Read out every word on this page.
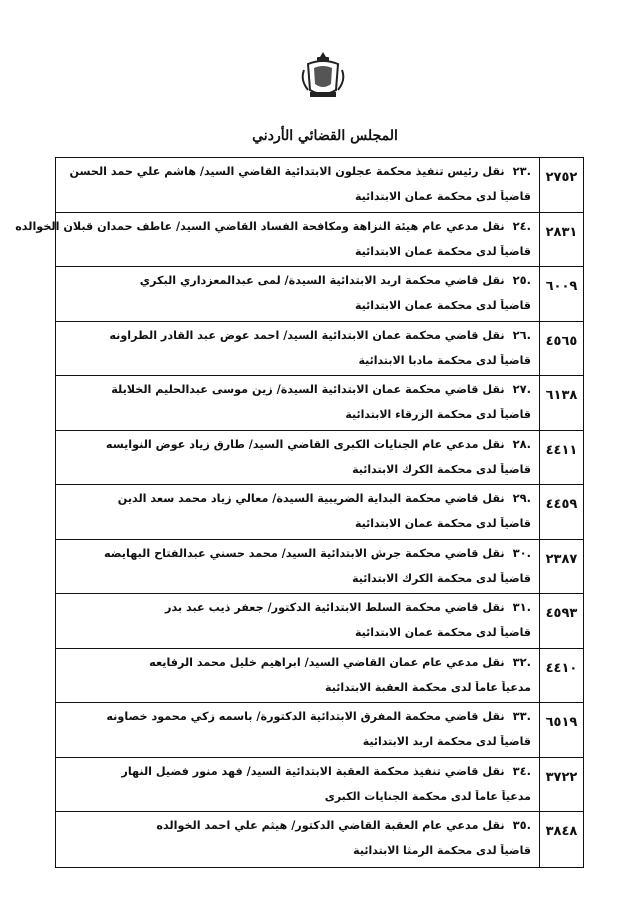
المجلس القضائي الأردني
٢٧٥٢
.٢٣
نقل رئيس تنفيذ محكمة عجلون الابتدائية القاضي السيد/ هاشم علي حمد الحسن
قاضياً لدى محكمة عمان الابتدائية
٢٨٣١
.٢٤
نقل مدعي عام هيئة النزاهة ومكافحة الفساد القاضي السيد/ عاطف حمدان قبلان الخوالده
قاضياً لدى محكمة عمان الابتدائية
٦٠٠٩
.٢٥
نقل قاضي محكمة اربد الابتدائية السيدة/ لمى عبدالمعزداري البكري
قاضياً لدى محكمة عمان الابتدائية
٤٥٦٥
.٢٦
نقل قاضي محكمة عمان الابتدائية السيد/ احمد عوض عبد القادر الطراونه
قاضياً لدى محكمة مادبا الابتدائية
٦١٣٨
.٢٧
نقل قاضي محكمة عمان الابتدائية السيدة/ زين موسى عبدالحليم الخلايلة
قاضياً لدى محكمة الزرقاء الابتدائية
٤٤١١
.٢٨
نقل مدعي عام الجنايات الكبرى القاضي السيد/ طارق زياد عوض النوايسه
قاضياً لدى محكمة الكرك الابتدائية
٤٤٥٩
.٢٩
نقل قاضي محكمة البداية الضريبية السيدة/ معالي زياد محمد سعد الدين
قاضياً لدى محكمة عمان الابتدائية
٢٣٨٧
.٣٠
نقل قاضي محكمة جرش الابتدائية السيد/ محمد حسني عبدالفتاح البهايضه
قاضياً لدى محكمة الكرك الابتدائية
٤٥٩٣
.٣١
نقل قاضي محكمة السلط الابتدائية الدكتور/ جعفر ذيب عبد بدر
قاضياً لدى محكمة عمان الابتدائية
٤٤١٠
.٣٢
نقل مدعي عام عمان القاضي السيد/ ابراهيم خليل محمد الرفايعه
مدعياً عاماً لدى محكمة العقبة الابتدائية
٦٥١٩
.٣٣
نقل قاضي محكمة المفرق الابتدائية الدكتورة/ باسمه زكي محمود خصاونه
قاضياً لدى محكمة اربد الابتدائية
٣٧٢٢
.٣٤
نقل قاضي تنفيذ محكمة العقبة الابتدائية السيد/ فهد منور فضيل النهار
مدعياً عاماً لدى محكمة الجنايات الكبرى
٣٨٤٨
.٣٥
نقل مدعي عام العقبة القاضي الدكتور/ هيثم علي احمد الخوالده
قاضياً لدى محكمة الرمثا الابتدائية
